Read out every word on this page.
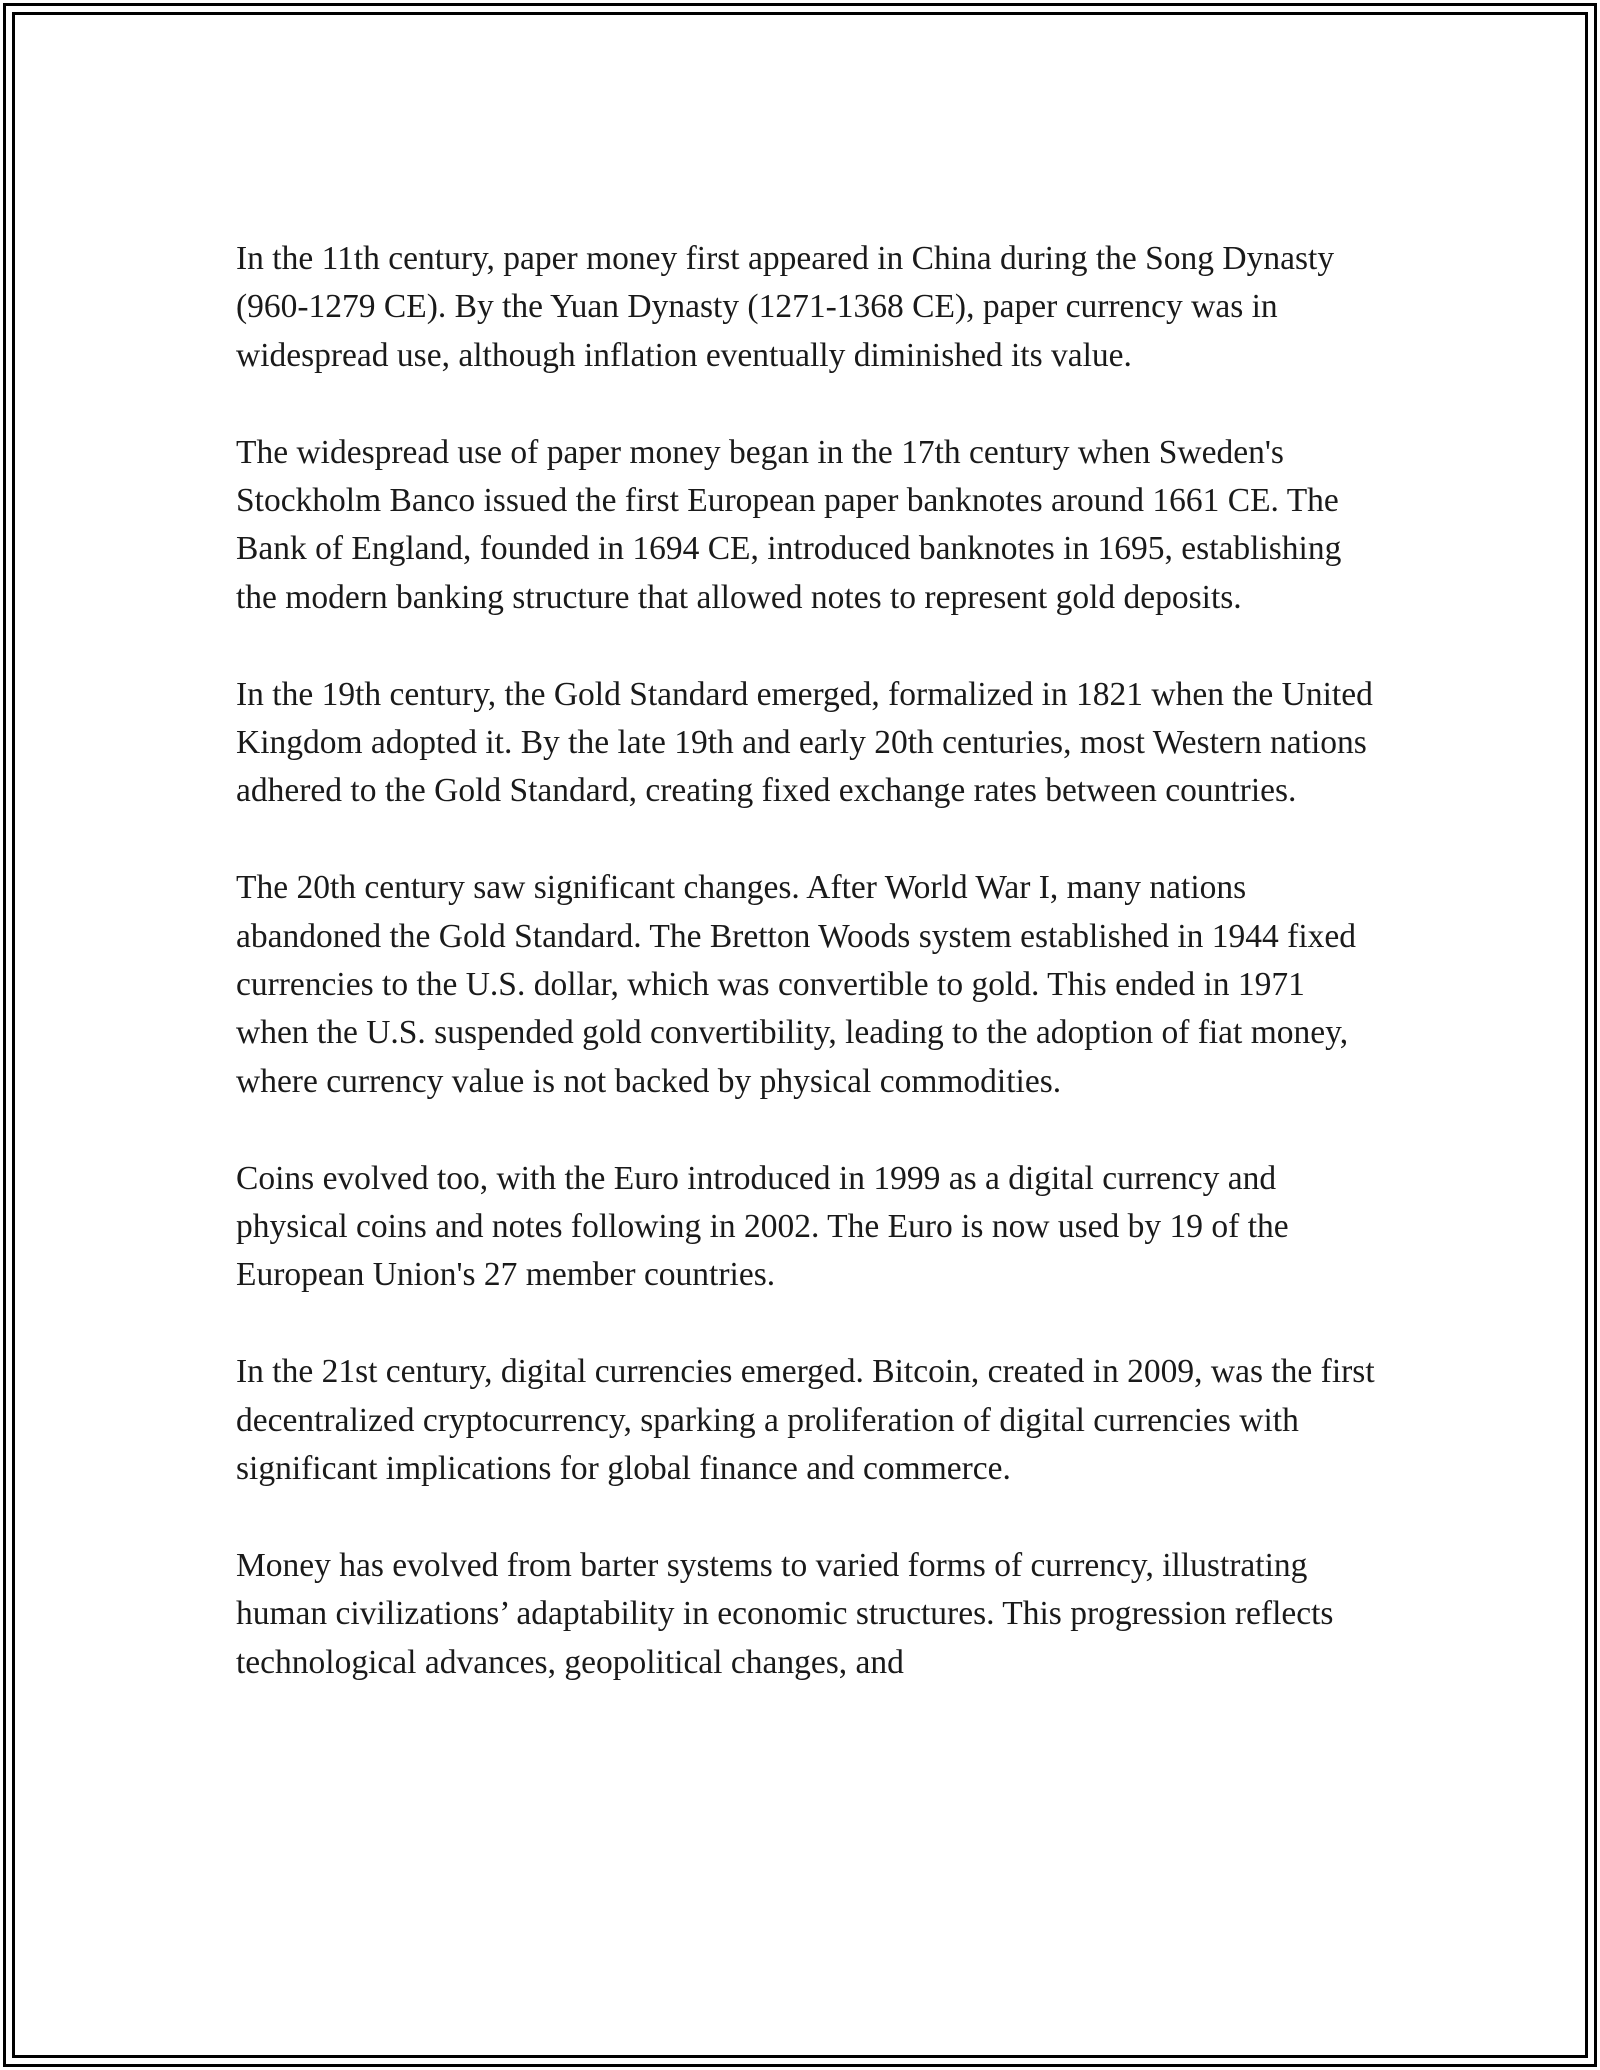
In the 11th century, paper money first appeared in China during the Song Dynasty (960-1279 CE). By the Yuan Dynasty (1271-1368 CE), paper currency was in widespread use, although inflation eventually diminished its value.

The widespread use of paper money began in the 17th century when Sweden's Stockholm Banco issued the first European paper banknotes around 1661 CE. The Bank of England, founded in 1694 CE, introduced banknotes in 1695, establishing the modern banking structure that allowed notes to represent gold deposits.

In the 19th century, the Gold Standard emerged, formalized in 1821 when the United Kingdom adopted it. By the late 19th and early 20th centuries, most Western nations adhered to the Gold Standard, creating fixed exchange rates between countries.

The 20th century saw significant changes. After World War I, many nations abandoned the Gold Standard. The Bretton Woods system established in 1944 fixed currencies to the U.S. dollar, which was convertible to gold. This ended in 1971 when the U.S. suspended gold convertibility, leading to the adoption of fiat money, where currency value is not backed by physical commodities.

Coins evolved too, with the Euro introduced in 1999 as a digital currency and physical coins and notes following in 2002. The Euro is now used by 19 of the European Union's 27 member countries.

In the 21st century, digital currencies emerged. Bitcoin, created in 2009, was the first decentralized cryptocurrency, sparking a proliferation of digital currencies with significant implications for global finance and commerce.

Money has evolved from barter systems to varied forms of currency, illustrating human civilizations’ adaptability in economic structures. This progression reflects technological advances, geopolitical changes, and
